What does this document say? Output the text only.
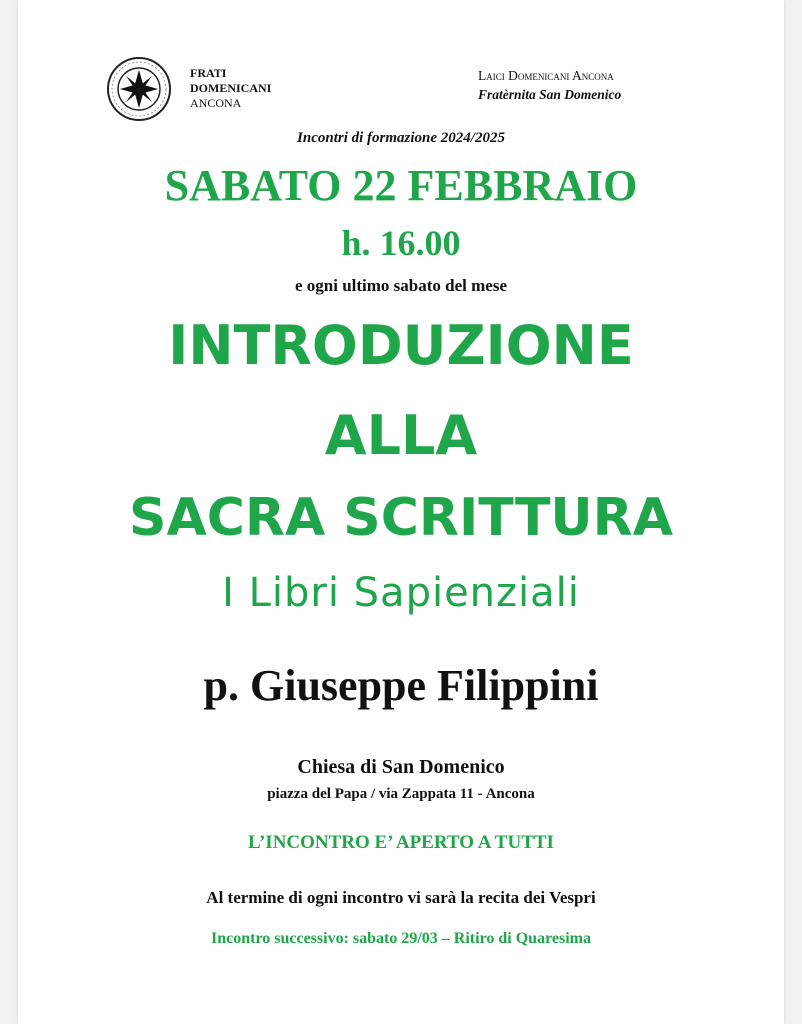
FRATI
DOMENICANI
ANCONA
Laici Domenicani Ancona
Fratèrnita San Domenico
Incontri di formazione 2024/2025
SABATO 22 FEBBRAIO
h. 16.00
e ogni ultimo sabato del mese
INTRODUZIONE
ALLA
SACRA SCRITTURA
I Libri Sapienziali
p. Giuseppe Filippini
Chiesa di San Domenico
piazza del Papa / via Zappata 11 - Ancona
L’INCONTRO E’ APERTO A TUTTI
Al termine di ogni incontro vi sarà la recita dei Vespri
Incontro successivo: sabato 29/03 – Ritiro di Quaresima
